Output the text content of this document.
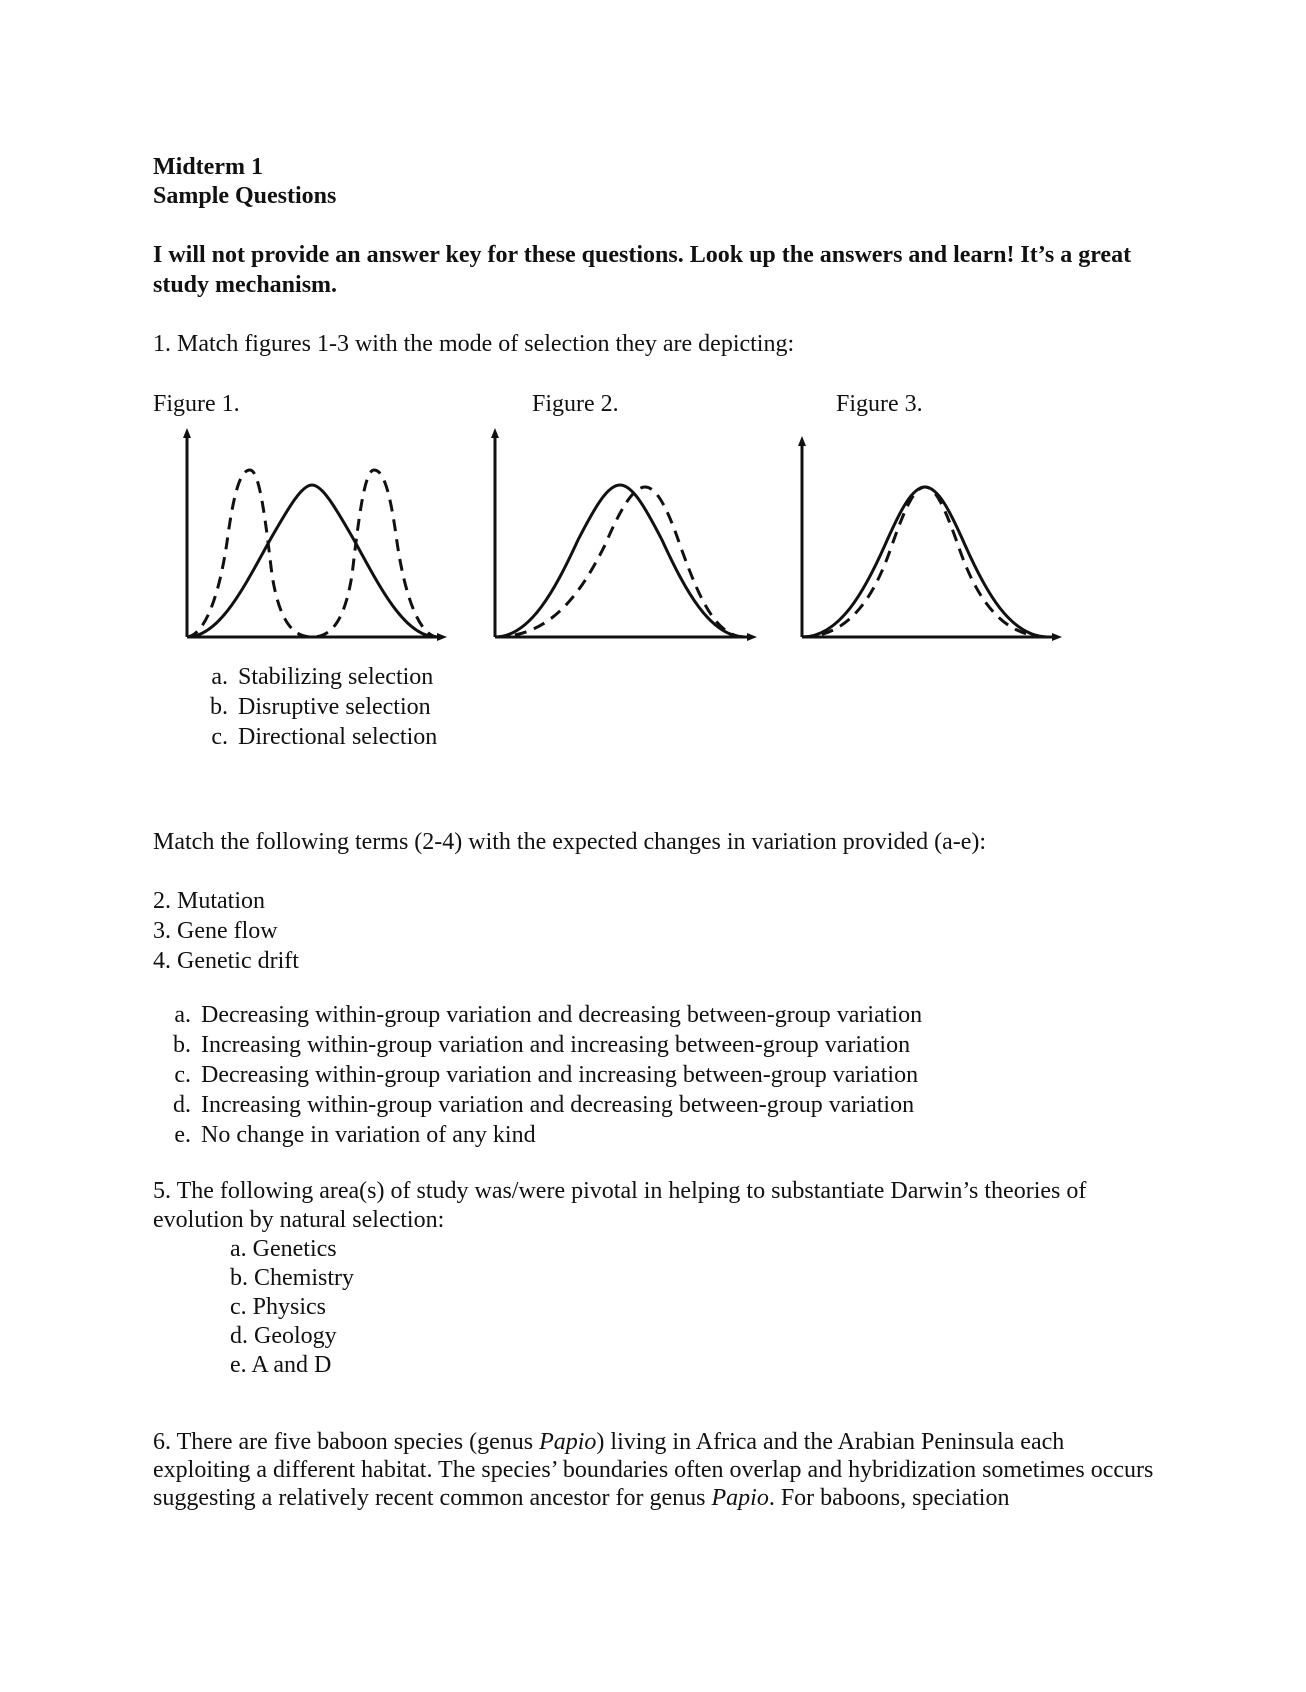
Midterm 1
Sample Questions
I will not provide an answer key for these questions. Look up the answers and learn! It’s a great study mechanism.
1. Match figures 1-3 with the mode of selection they are depicting:
Figure 1.	Figure 2.	Figure 3.
a. Stabilizing selection
b. Disruptive selection
c. Directional selection
Match the following terms (2-4) with the expected changes in variation provided (a-e):
2. Mutation
3. Gene flow
4. Genetic drift
a. Decreasing within-group variation and decreasing between-group variation
b. Increasing within-group variation and increasing between-group variation
c. Decreasing within-group variation and increasing between-group variation
d. Increasing within-group variation and decreasing between-group variation
e. No change in variation of any kind
5. The following area(s) of study was/were pivotal in helping to substantiate Darwin’s theories of evolution by natural selection:
a. Genetics
b. Chemistry
c. Physics
d. Geology
e. A and D

6. There are five baboon species (genus Papio) living in Africa and the Arabian Peninsula each exploiting a different habitat. The species’ boundaries often overlap and hybridization sometimes occurs suggesting a relatively recent common ancestor for genus Papio. For baboons, speciation
